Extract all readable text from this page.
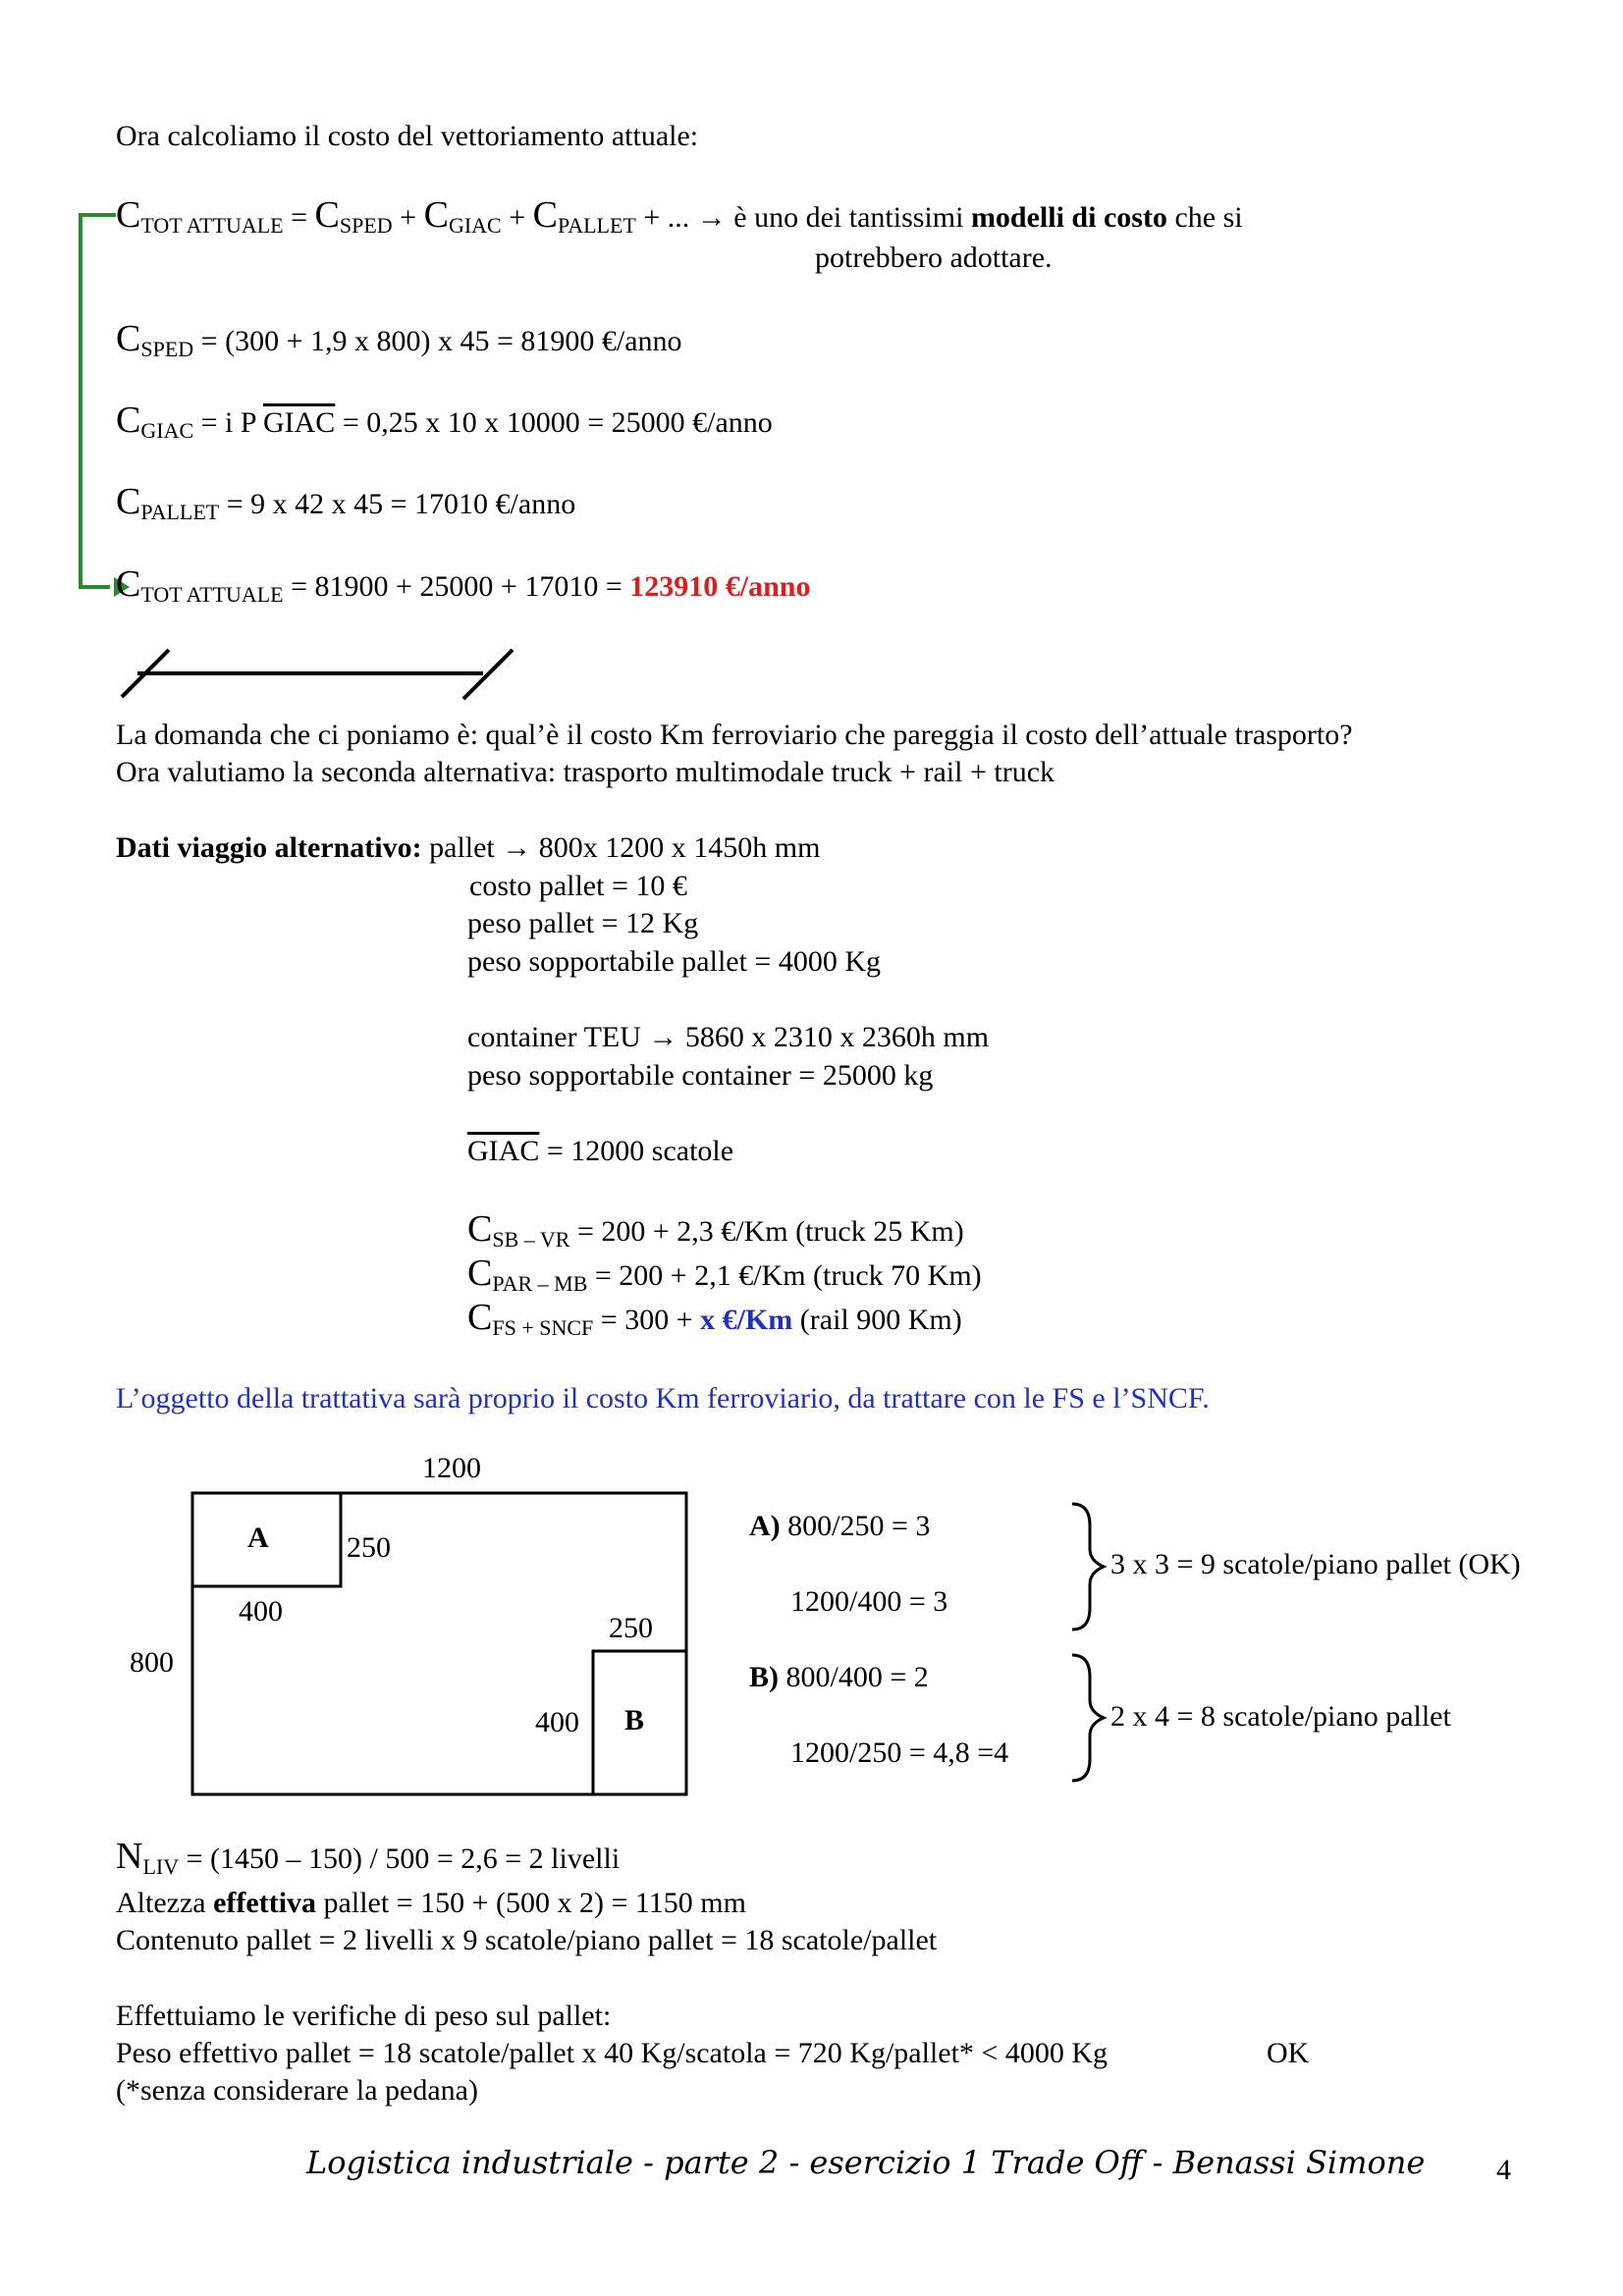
Ora calcoliamo il costo del vettoriamento attuale:
$C_{TOT ATTUALE} = C_{SPED} + C_{GIAC} + C_{PALLET}$ + ... → è uno dei tantissimi modelli di costo che si
potrebbero adottare.
$C_{SPED} = (300 + 1,9$ x 800) x 45 = 81900 €/anno
$C_{GIAC} = i$ P GIAC = 0,25 x 10 x 10000 = 25000 €/anno
$C_{PALLET} = 9$ x 42 x 45 = 17010 €/anno
$C_{TOT ATTUALE} = 81900 + 25000 + 17010 = 123910$ €/anno
La domanda che ci poniamo è: qual’è il costo Km ferroviario che pareggia il costo dell’attuale trasporto?
Ora valutiamo la seconda alternativa: trasporto multimodale truck + rail + truck
Dati viaggio alternativo: pallet → 800x 1200 x 1450h mm
costo pallet = 10 €
peso pallet = 12 Kg
peso sopportabile pallet = 4000 Kg
container TEU → 5860 x 2310 x 2360h mm
peso sopportabile container = 25000 kg
GIAC = 12000 scatole
$C_{SB - VR} = 200 + 2,3$ €/Km (truck 25 Km)
$C_{PAR - MB} = 200 + 2,1$ €/Km (truck 70 Km)
$C_{FS + SNCF} = 300 + x$ €/Km (rail 900 Km)
L’oggetto della trattativa sarà proprio il costo Km ferroviario, da trattare con le FS e l’SNCF.
1200
800
A	250
400
250
400 B
A) 800/250 = 3
1200/400 = 3
3 x 3 = 9 scatole/piano pallet (OK)
B) 800/400 = 2
1200/250 = 4,8 =4
2 x 4 = 8 scatole/piano pallet
$N_{LIV} = (1450 - 150) / 500 = 2,6 = 2$ livelli
Altezza effettiva pallet = 150 + (500 x 2) = 1150 mm
Contenuto pallet = 2 livelli x 9 scatole/piano pallet = 18 scatole/pallet
Effettuiamo le verifiche di peso sul pallet:
Peso effettivo pallet = 18 scatole/pallet x 40 Kg/scatola = 720 Kg/pallet* < 4000 Kg	OK
(*senza considerare la pedana)
Logistica industriale - parte 2 - esercizio 1 Trade Off - Benassi Simone 4
